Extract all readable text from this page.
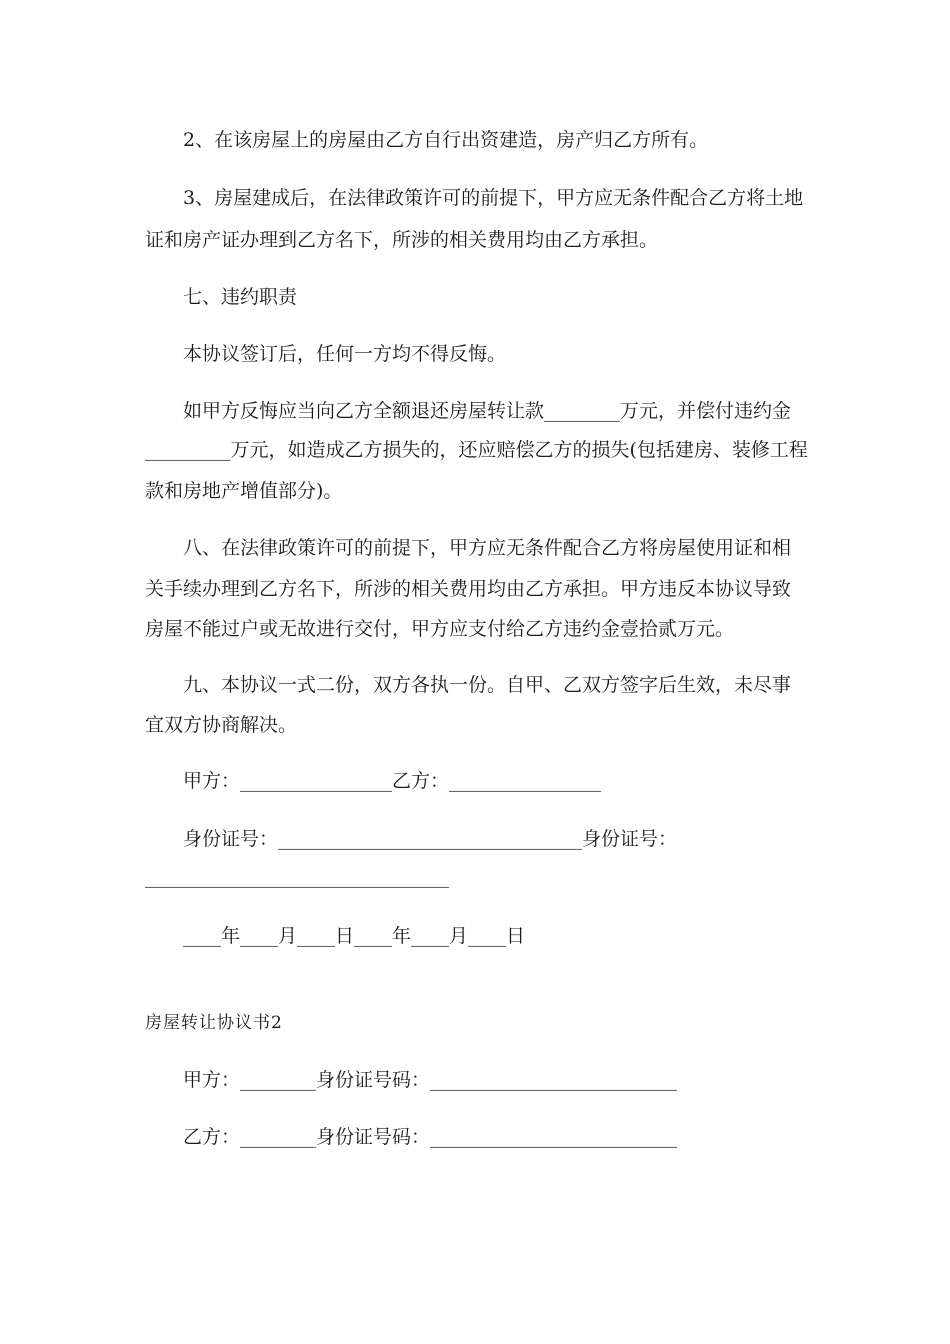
2、在该房屋上的房屋由乙方自行出资建造，房产归乙方所有。

3、房屋建成后，在法律政策许可的前提下，甲方应无条件配合乙方将土地

证和房产证办理到乙方名下，所涉的相关费用均由乙方承担。

七、违约职责

本协议签订后，任何一方均不得反悔。

如甲方反悔应当向乙方全额退还房屋转让款________万元，并偿付违约金

_________万元，如造成乙方损失的，还应赔偿乙方的损失(包括建房、装修工程

款和房地产增值部分)。

八、在法律政策许可的前提下，甲方应无条件配合乙方将房屋使用证和相

关手续办理到乙方名下，所涉的相关费用均由乙方承担。甲方违反本协议导致

房屋不能过户或无故进行交付，甲方应支付给乙方违约金壹拾贰万元。

九、本协议一式二份，双方各执一份。自甲、乙双方签字后生效，未尽事

宜双方协商解决。

甲方：________________乙方：________________

身份证号：________________________________身份证号：

________________________________

____年____月____日____年____月____日

房屋转让协议书2

甲方：________身份证号码：__________________________

乙方：________身份证号码：__________________________
